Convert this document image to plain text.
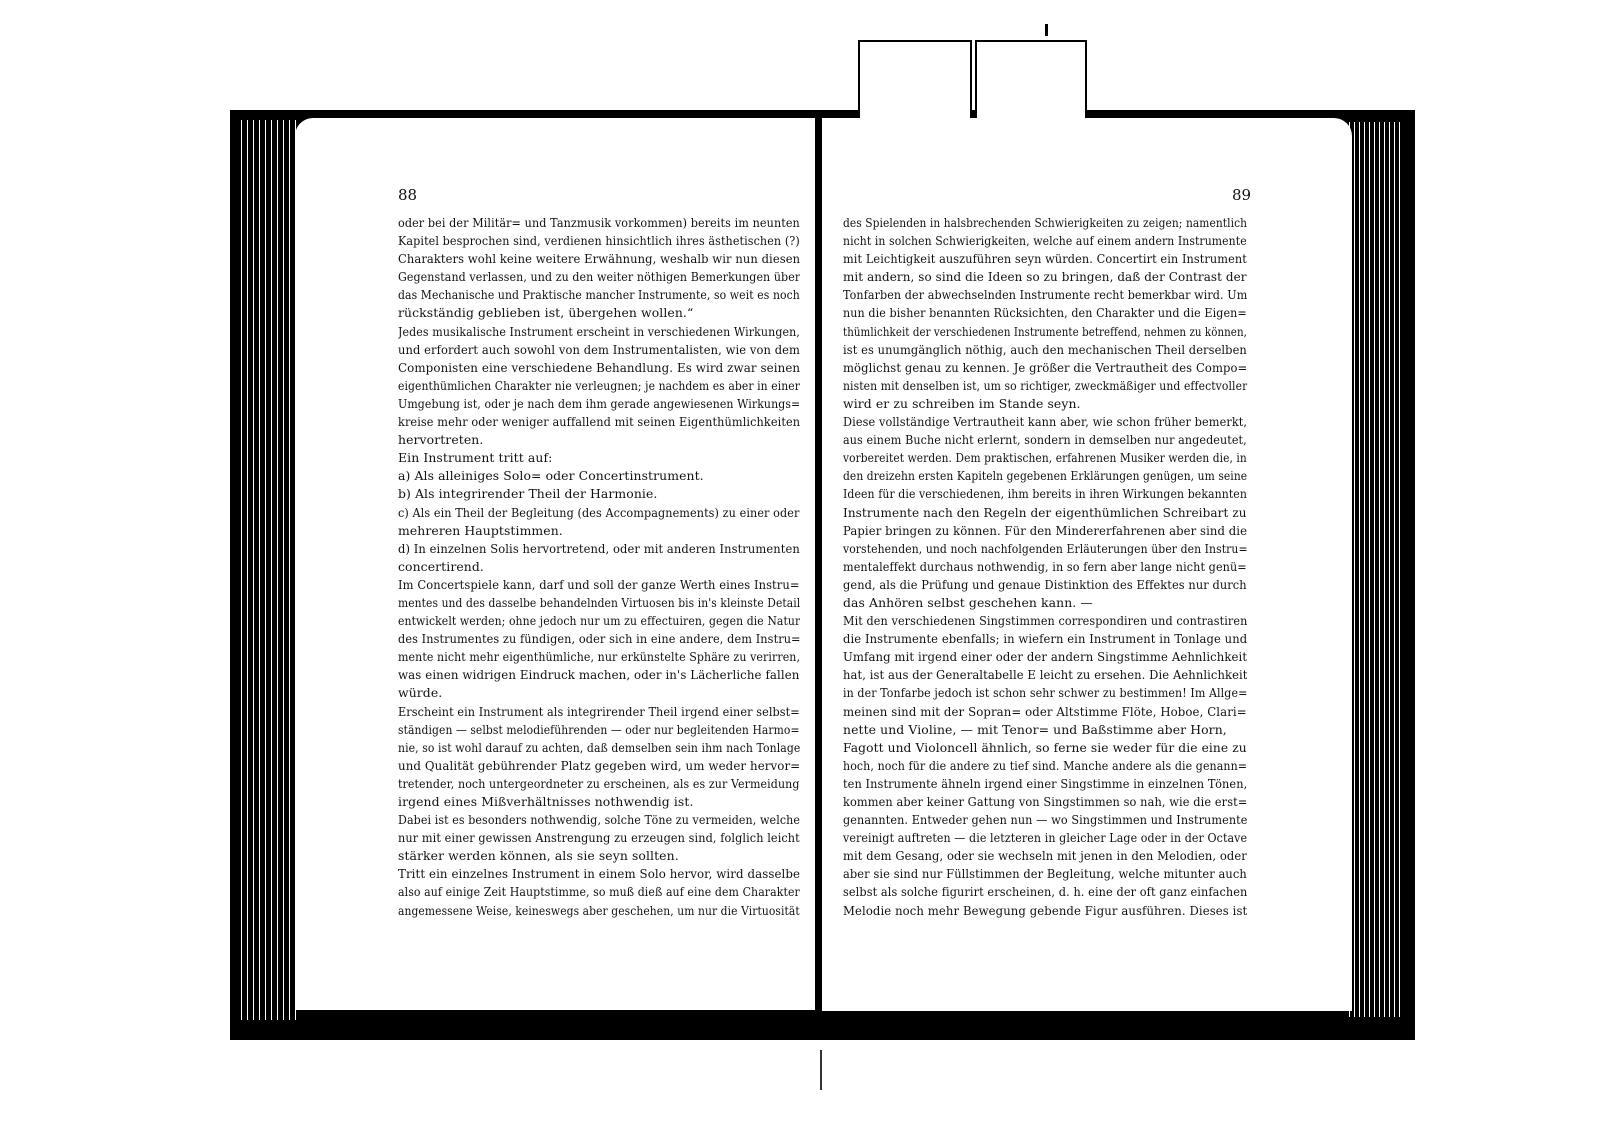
88	89
oder bei der Militär= und Tanzmusik vorkommen) bereits im neunten
Kapitel besprochen sind, verdienen hinsichtlich ihres ästhetischen (?)
Charakters wohl keine weitere Erwähnung, weshalb wir nun diesen
Gegenstand verlassen, und zu den weiter nöthigen Bemerkungen über
das Mechanische und Praktische mancher Instrumente, so weit es noch
rückständig geblieben ist, übergehen wollen.“
Jedes musikalische Instrument erscheint in verschiedenen Wirkungen,
und erfordert auch sowohl von dem Instrumentalisten, wie von dem
Componisten eine verschiedene Behandlung. Es wird zwar seinen
eigenthümlichen Charakter nie verleugnen; je nachdem es aber in einer
Umgebung ist, oder je nach dem ihm gerade angewiesenen Wirkungs=
kreise mehr oder weniger auffallend mit seinen Eigenthümlichkeiten
hervortreten.
Ein Instrument tritt auf:
a) Als alleiniges Solo= oder Concertinstrument.
b) Als integrirender Theil der Harmonie.
c) Als ein Theil der Begleitung (des Accompagnements) zu einer oder
mehreren Hauptstimmen.
d) In einzelnen Solis hervortretend, oder mit anderen Instrumenten
concertirend.
Im Concertspiele kann, darf und soll der ganze Werth eines Instru=
mentes und des dasselbe behandelnden Virtuosen bis in's kleinste Detail
entwickelt werden; ohne jedoch nur um zu effectuiren, gegen die Natur
des Instrumentes zu fündigen, oder sich in eine andere, dem Instru=
mente nicht mehr eigenthümliche, nur erkünstelte Sphäre zu verirren,
was einen widrigen Eindruck machen, oder in's Lächerliche fallen
würde.
Erscheint ein Instrument als integrirender Theil irgend einer selbst=
ständigen — selbst melodieführenden — oder nur begleitenden Harmo=
nie, so ist wohl darauf zu achten, daß demselben sein ihm nach Tonlage
und Qualität gebührender Platz gegeben wird, um weder hervor=
tretender, noch untergeordneter zu erscheinen, als es zur Vermeidung
irgend eines Mißverhältnisses nothwendig ist.
Dabei ist es besonders nothwendig, solche Töne zu vermeiden, welche
nur mit einer gewissen Anstrengung zu erzeugen sind, folglich leicht
stärker werden können, als sie seyn sollten.
Tritt ein einzelnes Instrument in einem Solo hervor, wird dasselbe
also auf einige Zeit Hauptstimme, so muß dieß auf eine dem Charakter
angemessene Weise, keineswegs aber geschehen, um nur die Virtuosität
des Spielenden in halsbrechenden Schwierigkeiten zu zeigen; namentlich
nicht in solchen Schwierigkeiten, welche auf einem andern Instrumente
mit Leichtigkeit auszuführen seyn würden. Concertirt ein Instrument
mit andern, so sind die Ideen so zu bringen, daß der Contrast der
Tonfarben der abwechselnden Instrumente recht bemerkbar wird. Um
nun die bisher benannten Rücksichten, den Charakter und die Eigen=
thümlichkeit der verschiedenen Instrumente betreffend, nehmen zu können,
ist es unumgänglich nöthig, auch den mechanischen Theil derselben
möglichst genau zu kennen. Je größer die Vertrautheit des Compo=
nisten mit denselben ist, um so richtiger, zweckmäßiger und effectvoller
wird er zu schreiben im Stande seyn.
Diese vollständige Vertrautheit kann aber, wie schon früher bemerkt,
aus einem Buche nicht erlernt, sondern in demselben nur angedeutet,
vorbereitet werden. Dem praktischen, erfahrenen Musiker werden die, in
den dreizehn ersten Kapiteln gegebenen Erklärungen genügen, um seine
Ideen für die verschiedenen, ihm bereits in ihren Wirkungen bekannten
Instrumente nach den Regeln der eigenthümlichen Schreibart zu
Papier bringen zu können. Für den Mindererfahrenen aber sind die
vorstehenden, und noch nachfolgenden Erläuterungen über den Instru=
mentaleffekt durchaus nothwendig, in so fern aber lange nicht genü=
gend, als die Prüfung und genaue Distinktion des Effektes nur durch
das Anhören selbst geschehen kann. —
Mit den verschiedenen Singstimmen correspondiren und contrastiren
die Instrumente ebenfalls; in wiefern ein Instrument in Tonlage und
Umfang mit irgend einer oder der andern Singstimme Aehnlichkeit
hat, ist aus der Generaltabelle E leicht zu ersehen. Die Aehnlichkeit
in der Tonfarbe jedoch ist schon sehr schwer zu bestimmen! Im Allge=
meinen sind mit der Sopran= oder Altstimme Flöte, Hoboe, Clari=
nette und Violine, — mit Tenor= und Baßstimme aber Horn,
Fagott und Violoncell ähnlich, so ferne sie weder für die eine zu
hoch, noch für die andere zu tief sind. Manche andere als die genann=
ten Instrumente ähneln irgend einer Singstimme in einzelnen Tönen,
kommen aber keiner Gattung von Singstimmen so nah, wie die erst=
genannten. Entweder gehen nun — wo Singstimmen und Instrumente
vereinigt auftreten — die letzteren in gleicher Lage oder in der Octave
mit dem Gesang, oder sie wechseln mit jenen in den Melodien, oder
aber sie sind nur Füllstimmen der Begleitung, welche mitunter auch
selbst als solche figurirt erscheinen, d. h. eine der oft ganz einfachen
Melodie noch mehr Bewegung gebende Figur ausführen. Dieses ist
